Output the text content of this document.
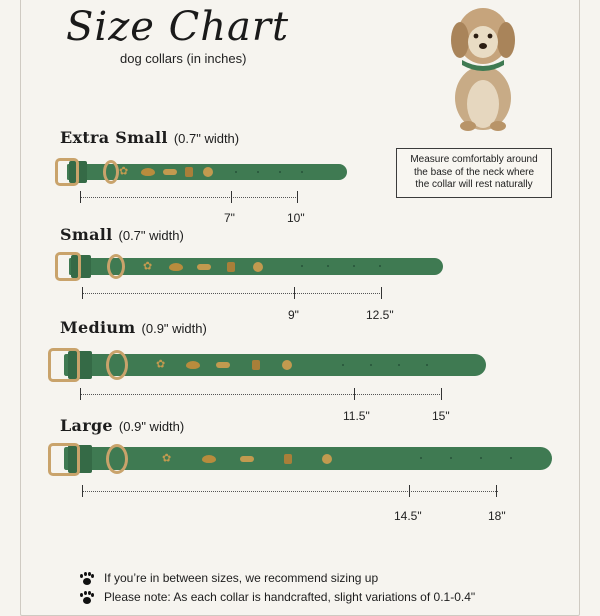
Size Chart
dog collars (in inches)
Measure comfortably around
the base of the neck where
the collar will rest naturally
Extra Small (0.7" width)
✿
7"	10"
Small (0.7" width)
✿
9"	12.5"
Medium (0.9" width)
✿
11.5"	15"
Large (0.9" width)
✿
14.5"	18"
If you’re in between sizes, we recommend sizing up
Please note: As each collar is handcrafted, slight variations of 0.1-0.4"
